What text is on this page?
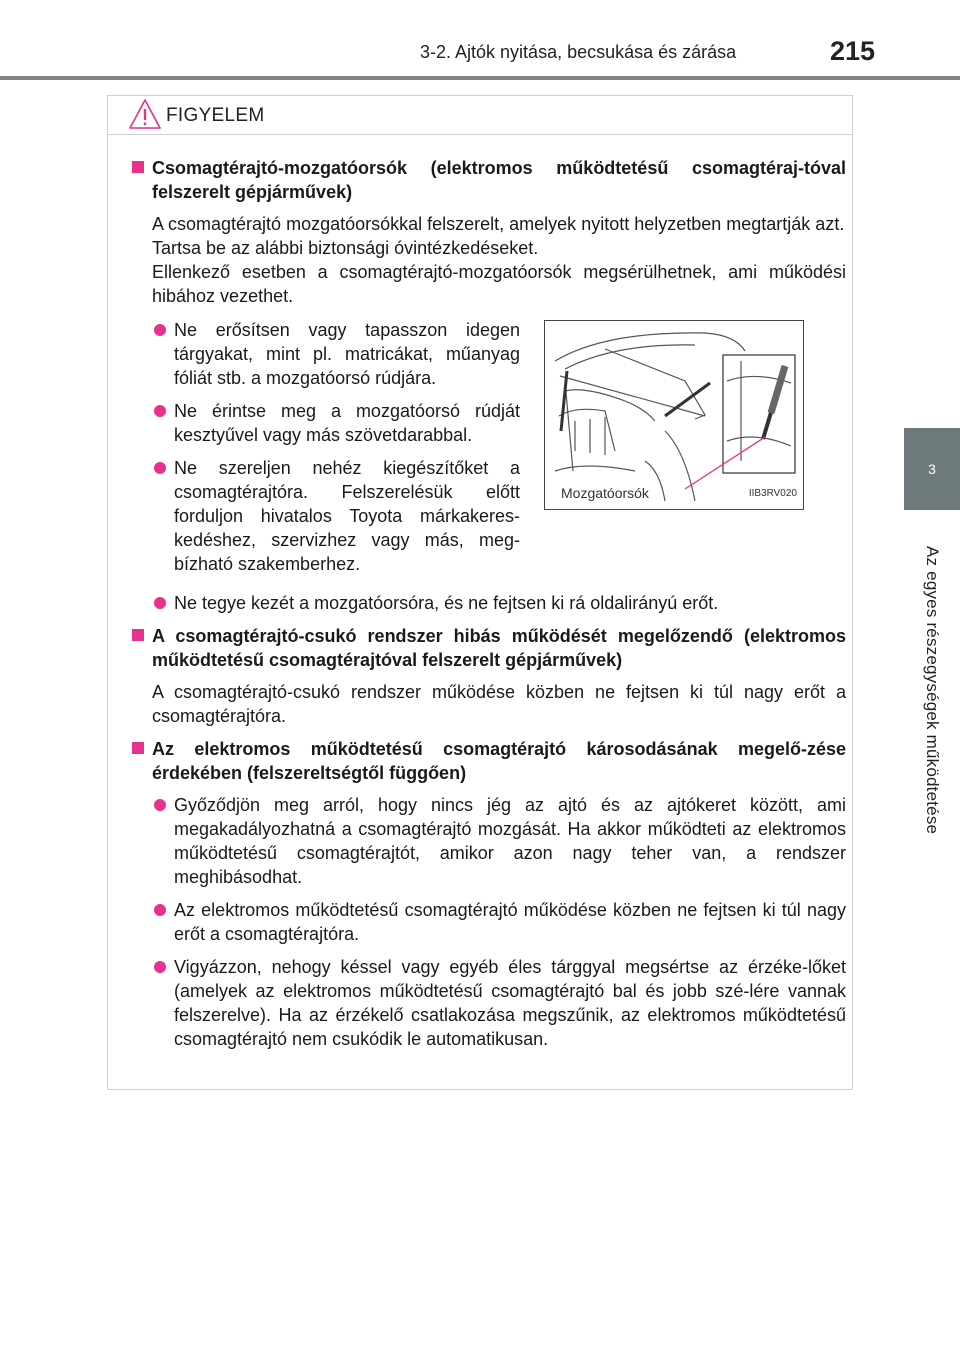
3-2. Ajtók nyitása, becsukása és zárása	215
3
Az egyes részegységek működtetése
FIGYELEM
Csomagtérajtó-mozgatóorsók (elektromos működtetésű csomagtéraj-tóval felszerelt gépjárművek)
A csomagtérajtó mozgatóorsókkal felszerelt, amelyek nyitott helyzetben megtartják azt.
Tartsa be az alábbi biztonsági óvintézkedéseket.
Ellenkező esetben a csomagtérajtó-mozgatóorsók megsérülhetnek, ami működési hibához vezethet.
Ne erősítsen vagy tapasszon idegen tárgyakat, mint pl. matricákat, műanyag fóliát stb. a mozgatóorsó rúdjára.
Ne érintse meg a mozgatóorsó rúdját kesztyűvel vagy más szövetdarabbal.
Ne szereljen nehéz kiegészítőket a csomagtérajtóra. Felszerelésük előtt forduljon hivatalos Toyota márkakeres-kedéshez, szervizhez vagy más, meg-bízható szakemberhez.
Mozgatóorsók	IIB3RV020
Ne tegye kezét a mozgatóorsóra, és ne fejtsen ki rá oldalirányú erőt.
A csomagtérajtó-csukó rendszer hibás működését megelőzendő (elektromos működtetésű csomagtérajtóval felszerelt gépjárművek)
A csomagtérajtó-csukó rendszer működése közben ne fejtsen ki túl nagy erőt a csomagtérajtóra.
Az elektromos működtetésű csomagtérajtó károsodásának megelő-zése érdekében (felszereltségtől függően)
Győződjön meg arról, hogy nincs jég az ajtó és az ajtókeret között, ami megakadályozhatná a csomagtérajtó mozgását. Ha akkor működteti az elektromos működtetésű csomagtérajtót, amikor azon nagy teher van, a rendszer meghibásodhat.
Az elektromos működtetésű csomagtérajtó működése közben ne fejtsen ki túl nagy erőt a csomagtérajtóra.
Vigyázzon, nehogy késsel vagy egyéb éles tárggyal megsértse az érzéke-lőket (amelyek az elektromos működtetésű csomagtérajtó bal és jobb szé-lére vannak felszerelve). Ha az érzékelő csatlakozása megszűnik, az elektromos működtetésű csomagtérajtó nem csukódik le automatikusan.
